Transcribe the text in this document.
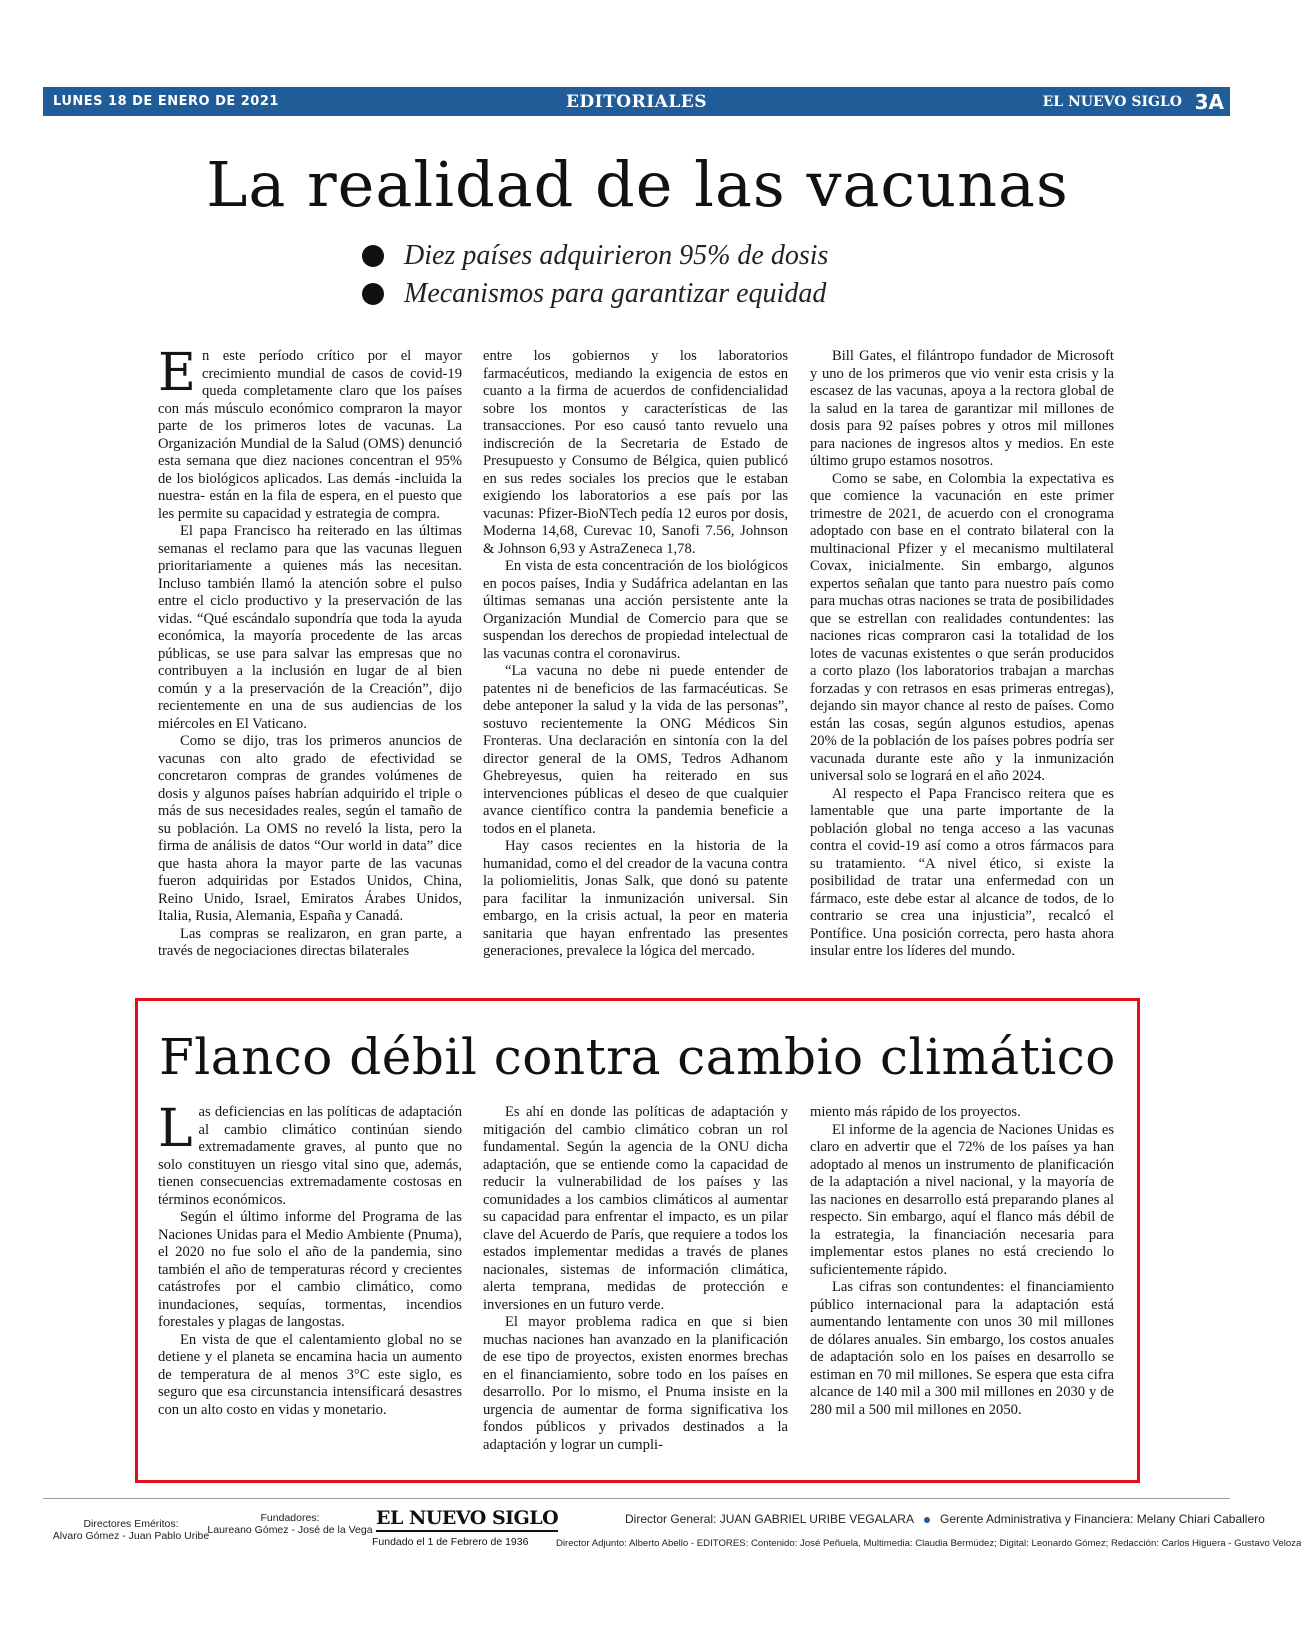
LUNES 18 DE ENERO DE 2021	EDITORIALES	EL NUEVO SIGLO 3A
La realidad de las vacunas
Diez países adquirieron 95% de dosis
Mecanismos para garantizar equidad

En este período crítico por el mayor crecimiento mundial de casos de covid-19 queda completamente claro que los países con más músculo económico compraron la mayor parte de los primeros lotes de vacunas. La Organización Mundial de la Salud (OMS) denunció esta semana que diez naciones concentran el 95% de los biológicos aplicados. Las demás -incluida la nuestra- están en la fila de espera, en el puesto que les permite su capacidad y estrategia de compra.

El papa Francisco ha reiterado en las últimas semanas el reclamo para que las vacunas lleguen prioritariamente a quienes más las necesitan. Incluso también llamó la atención sobre el pulso entre el ciclo productivo y la preservación de las vidas. “Qué escándalo supondría que toda la ayuda económica, la mayoría procedente de las arcas públicas, se use para salvar las empresas que no contribuyen a la inclusión en lugar de al bien común y a la preservación de la Creación”, dijo recientemente en una de sus audiencias de los miércoles en El Vaticano.

Como se dijo, tras los primeros anuncios de vacunas con alto grado de efectividad se concretaron compras de grandes volúmenes de dosis y algunos países habrían adquirido el triple o más de sus necesidades reales, según el tamaño de su población. La OMS no reveló la lista, pero la firma de análisis de datos “Our world in data” dice que hasta ahora la mayor parte de las vacunas fueron adquiridas por Estados Unidos, China, Reino Unido, Israel, Emiratos Árabes Unidos, Italia, Rusia, Alemania, España y Canadá.

Las compras se realizaron, en gran parte, a través de negociaciones directas bilaterales

entre los gobiernos y los laboratorios farmacéuticos, mediando la exigencia de estos en cuanto a la firma de acuerdos de confidencialidad sobre los montos y características de las transacciones. Por eso causó tanto revuelo una indiscreción de la Secretaria de Estado de Presupuesto y Consumo de Bélgica, quien publicó en sus redes sociales los precios que le estaban exigiendo los laboratorios a ese país por las vacunas: Pfizer-BioNTech pedía 12 euros por dosis, Moderna 14,68, Curevac 10, Sanofi 7.56, Johnson & Johnson 6,93 y AstraZeneca 1,78.

En vista de esta concentración de los biológicos en pocos países, India y Sudáfrica adelantan en las últimas semanas una acción persistente ante la Organización Mundial de Comercio para que se suspendan los derechos de propiedad intelectual de las vacunas contra el coronavirus.

“La vacuna no debe ni puede entender de patentes ni de beneficios de las farmacéuticas. Se debe anteponer la salud y la vida de las personas”, sostuvo recientemente la ONG Médicos Sin Fronteras. Una declaración en sintonía con la del director general de la OMS, Tedros Adhanom Ghebreyesus, quien ha reiterado en sus intervenciones públicas el deseo de que cualquier avance científico contra la pandemia beneficie a todos en el planeta.

Hay casos recientes en la historia de la humanidad, como el del creador de la vacuna contra la poliomielitis, Jonas Salk, que donó su patente para facilitar la inmunización universal. Sin embargo, en la crisis actual, la peor en materia sanitaria que hayan enfrentado las presentes generaciones, prevalece la lógica del mercado.

Bill Gates, el filántropo fundador de Microsoft y uno de los primeros que vio venir esta crisis y la escasez de las vacunas, apoya a la rectora global de la salud en la tarea de garantizar mil millones de dosis para 92 países pobres y otros mil millones para naciones de ingresos altos y medios. En este último grupo estamos nosotros.

Como se sabe, en Colombia la expectativa es que comience la vacunación en este primer trimestre de 2021, de acuerdo con el cronograma adoptado con base en el contrato bilateral con la multinacional Pfizer y el mecanismo multilateral Covax, inicialmente. Sin embargo, algunos expertos señalan que tanto para nuestro país como para muchas otras naciones se trata de posibilidades que se estrellan con realidades contundentes: las naciones ricas compraron casi la totalidad de los lotes de vacunas existentes o que serán producidos a corto plazo (los laboratorios trabajan a marchas forzadas y con retrasos en esas primeras entregas), dejando sin mayor chance al resto de países. Como están las cosas, según algunos estudios, apenas 20% de la población de los países pobres podría ser vacunada durante este año y la inmunización universal solo se logrará en el año 2024.

Al respecto el Papa Francisco reitera que es lamentable que una parte importante de la población global no tenga acceso a las vacunas contra el covid-19 así como a otros fármacos para su tratamiento. “A nivel ético, si existe la posibilidad de tratar una enfermedad con un fármaco, este debe estar al alcance de todos, de lo contrario se crea una injusticia”, recalcó el Pontífice. Una posición correcta, pero hasta ahora insular entre los líderes del mundo.

Flanco débil contra cambio climático

Las deficiencias en las políticas de adaptación al cambio climático continúan siendo extremadamente graves, al punto que no solo constituyen un riesgo vital sino que, además, tienen consecuencias extremadamente costosas en términos económicos.

Según el último informe del Programa de las Naciones Unidas para el Medio Ambiente (Pnuma), el 2020 no fue solo el año de la pandemia, sino también el año de temperaturas récord y crecientes catástrofes por el cambio climático, como inundaciones, sequías, tormentas, incendios forestales y plagas de langostas.

En vista de que el calentamiento global no se detiene y el planeta se encamina hacia un aumento de temperatura de al menos 3°C este siglo, es seguro que esa circunstancia intensificará desastres con un alto costo en vidas y monetario.

Es ahí en donde las políticas de adaptación y mitigación del cambio climático cobran un rol fundamental. Según la agencia de la ONU dicha adaptación, que se entiende como la capacidad de reducir la vulnerabilidad de los países y las comunidades a los cambios climáticos al aumentar su capacidad para enfrentar el impacto, es un pilar clave del Acuerdo de París, que requiere a todos los estados implementar medidas a través de planes nacionales, sistemas de información climática, alerta temprana, medidas de protección e inversiones en un futuro verde.

El mayor problema radica en que si bien muchas naciones han avanzado en la planificación de ese tipo de proyectos, existen enormes brechas en el financiamiento, sobre todo en los países en desarrollo. Por lo mismo, el Pnuma insiste en la urgencia de aumentar de forma significativa los fondos públicos y privados destinados a la adaptación y lograr un cumpli-

miento más rápido de los proyectos.

El informe de la agencia de Naciones Unidas es claro en advertir que el 72% de los países ya han adoptado al menos un instrumento de planificación de la adaptación a nivel nacional, y la mayoría de las naciones en desarrollo está preparando planes al respecto. Sin embargo, aquí el flanco más débil de la estrategia, la financiación necesaria para implementar estos planes no está creciendo lo suficientemente rápido.

Las cifras son contundentes: el financiamiento público internacional para la adaptación está aumentando lentamente con unos 30 mil millones de dólares anuales. Sin embargo, los costos anuales de adaptación solo en los países en desarrollo se estiman en 70 mil millones. Se espera que esta cifra alcance de 140 mil a 300 mil millones en 2030 y de 280 mil a 500 mil millones en 2050.

Directores Eméritos:
Alvaro Gómez - Juan Pablo Uribe
Fundadores:
Laureano Gómez - José de la Vega
EL NUEVO SIGLO
Fundado el 1 de Febrero de 1936
Director General: JUAN GABRIEL URIBE VEGALARA Gerente Administrativa y Financiera: Melany Chiari Caballero
Director Adjunto: Alberto Abello - EDITORES: Contenido: José Peñuela, Multimedia: Claudia Bermúdez; Digital: Leonardo Gómez; Redacción: Carlos Higuera - Gustavo Veloza
